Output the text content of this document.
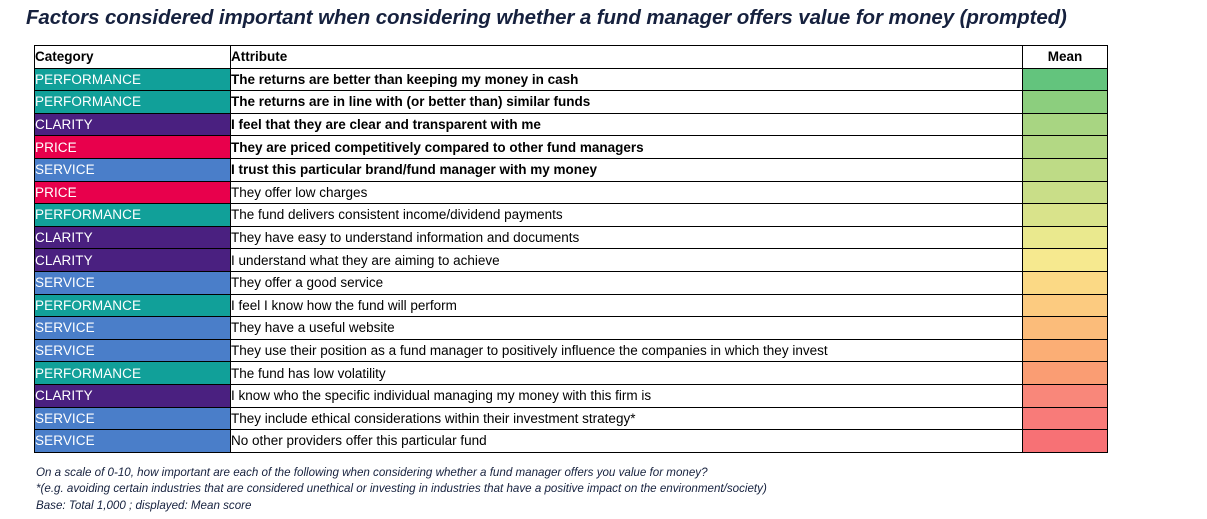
Factors considered important when considering whether a fund manager offers value for money (prompted)
Category	Attribute	Mean
PERFORMANCE	The returns are better than keeping my money in cash	
PERFORMANCE	The returns are in line with (or better than) similar funds	
CLARITY	I feel that they are clear and transparent with me	
PRICE	They are priced competitively compared to other fund managers	
SERVICE	I trust this particular brand/fund manager with my money	
PRICE	They offer low charges	
PERFORMANCE	The fund delivers consistent income/dividend payments	
CLARITY	They have easy to understand information and documents	
CLARITY	I understand what they are aiming to achieve	
SERVICE	They offer a good service	
PERFORMANCE	I feel I know how the fund will perform	
SERVICE	They have a useful website	
SERVICE	They use their position as a fund manager to positively influence the companies in which they invest	
PERFORMANCE	The fund has low volatility	
CLARITY	I know who the specific individual managing my money with this firm is	
SERVICE	They include ethical considerations within their investment strategy*	
SERVICE	No other providers offer this particular fund	
On a scale of 0-10, how important are each of the following when considering whether a fund manager offers you value for money?
*(e.g. avoiding certain industries that are considered unethical or investing in industries that have a positive impact on the environment/society)
Base: Total 1,000 ; displayed: Mean score
